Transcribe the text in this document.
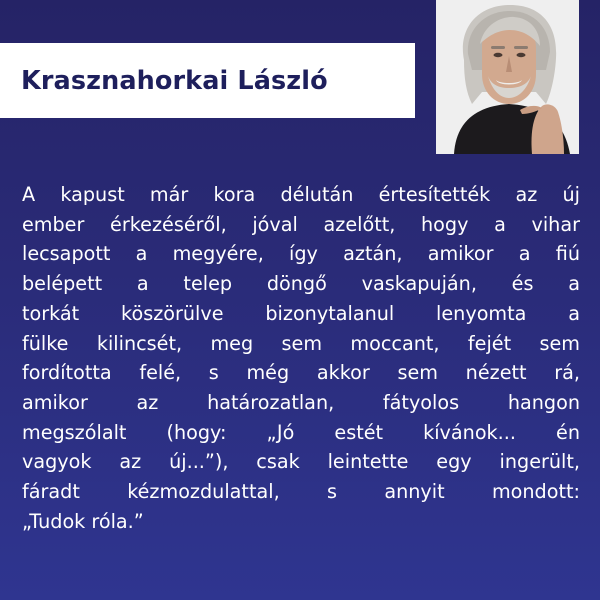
Krasznahorkai László
A kapust már kora délután értesítették az új
ember érkezéséről, jóval azelőtt, hogy a vihar
lecsapott a megyére, így aztán, amikor a fiú
belépett a telep döngő vaskapuján, és a
torkát köszörülve bizonytalanul lenyomta a
fülke kilincsét, meg sem moccant, fejét sem
fordította felé, s még akkor sem nézett rá,
amikor az határozatlan, fátyolos hangon
megszólalt (hogy: „Jó estét kívánok... én
vagyok az új...”), csak leintette egy ingerült,
fáradt kézmozdulattal, s annyit mondott:
„Tudok róla.”
